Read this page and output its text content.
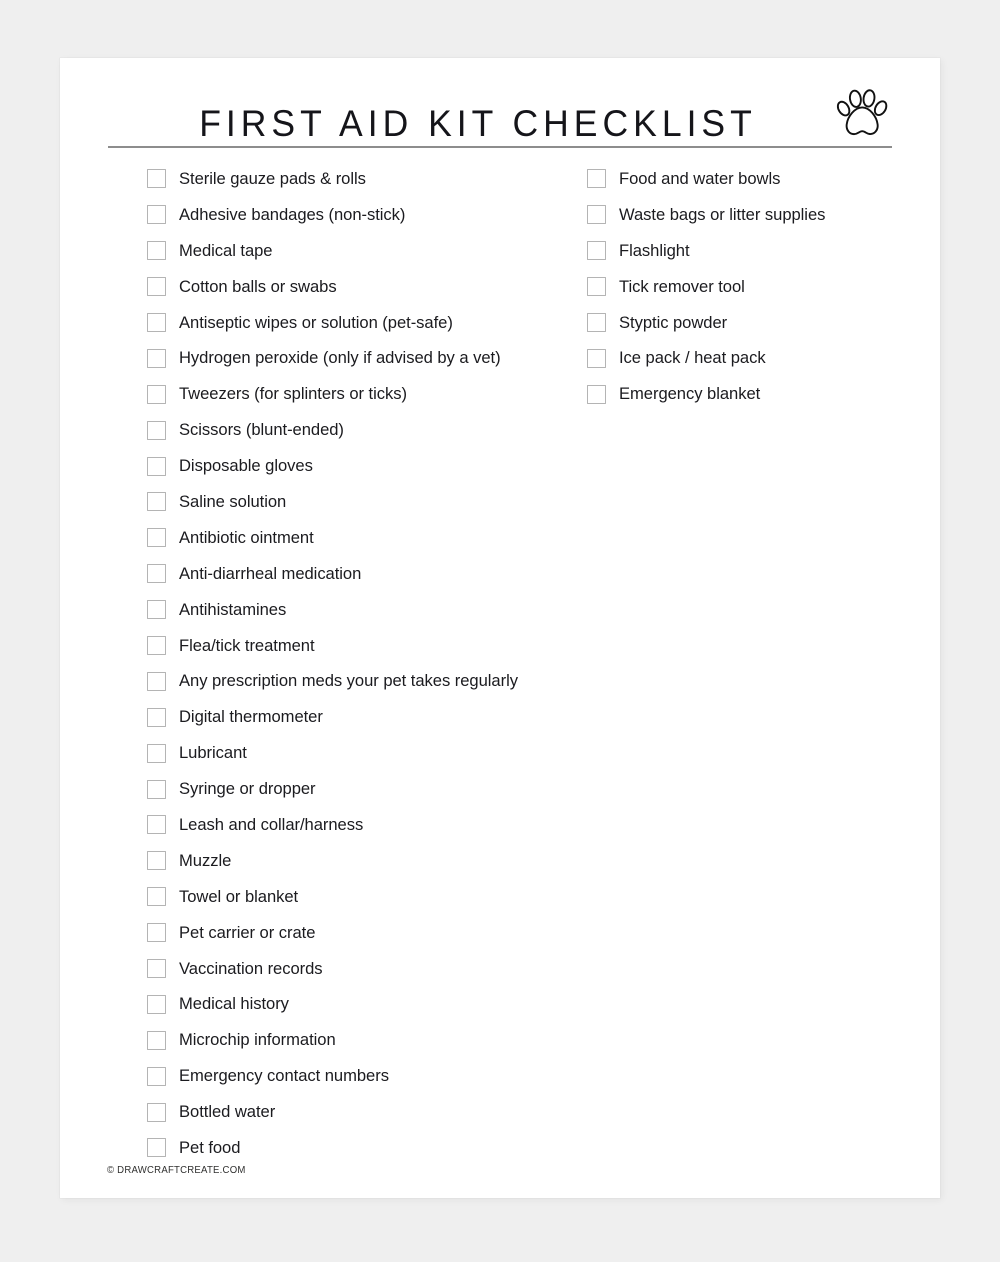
FIRST AID KIT CHECKLIST
Sterile gauze pads & rolls
Adhesive bandages (non-stick)
Medical tape
Cotton balls or swabs
Antiseptic wipes or solution (pet-safe)
Hydrogen peroxide (only if advised by a vet)
Tweezers (for splinters or ticks)
Scissors (blunt-ended)
Disposable gloves
Saline solution
Antibiotic ointment
Anti-diarrheal medication
Antihistamines
Flea/tick treatment
Any prescription meds your pet takes regularly
Digital thermometer
Lubricant
Syringe or dropper
Leash and collar/harness
Muzzle
Towel or blanket
Pet carrier or crate
Vaccination records
Medical history
Microchip information
Emergency contact numbers
Bottled water
Pet food
Food and water bowls
Waste bags or litter supplies
Flashlight
Tick remover tool
Styptic powder
Ice pack / heat pack
Emergency blanket
© DRAWCRAFTCREATE.COM
